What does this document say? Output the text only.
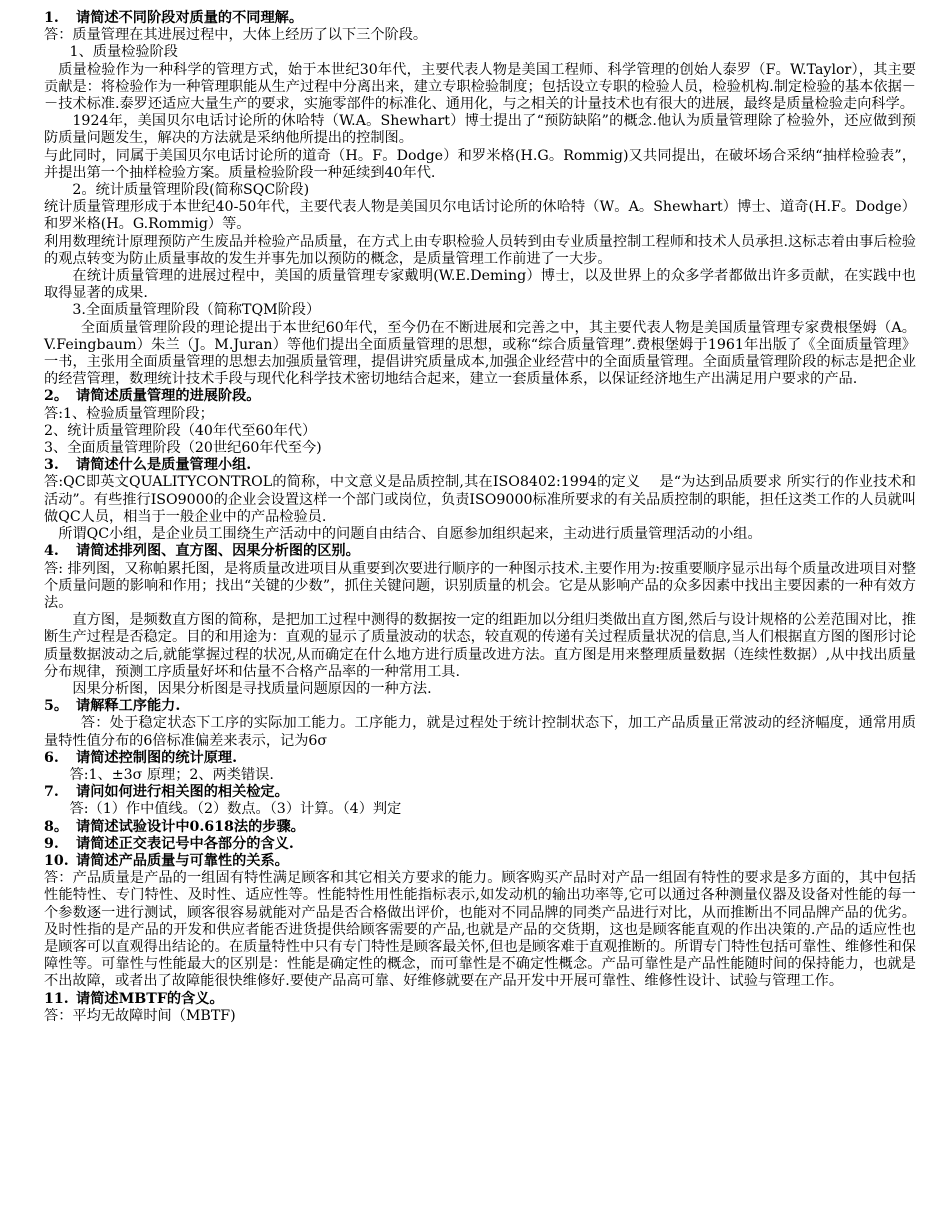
1. 请简述不同阶段对质量的不同理解。

答：质量管理在其进展过程中，大体上经历了以下三个阶段。

1、质量检验阶段

质量检验作为一种科学的管理方式，始于本世纪30年代，主要代表人物是美国工程师、科学管理的创始人泰罗（F。W.Taylor），其主要贡献是：将检验作为一种管理职能从生产过程中分离出来，建立专职检验制度；包括设立专职的检验人员，检验机构.制定检验的基本依据－－技术标准.泰罗还适应大量生产的要求，实施零部件的标准化、通用化，与之相关的计量技术也有很大的进展，最终是质量检验走向科学。

1924年，美国贝尔电话讨论所的休哈特（W.A。Shewhart）博士提出了“预防缺陷”的概念.他认为质量管理除了检验外，还应做到预防质量问题发生，解决的方法就是采纳他所提出的控制图。

与此同时，同属于美国贝尔电话讨论所的道奇（H。F。Dodge）和罗米格(H.G。Rommig)又共同提出，在破坏场合采纳“抽样检验表”，并提出第一个抽样检验方案。质量检验阶段一种延续到40年代.

2。统计质量管理阶段(简称SQC阶段)

统计质量管理形成于本世纪40-50年代，主要代表人物是美国贝尔电话讨论所的休哈特（W。A。Shewhart）博士、道奇(H.F。Dodge）和罗米格(H。G.Rommig）等。

利用数理统计原理预防产生废品并检验产品质量，在方式上由专职检验人员转到由专业质量控制工程师和技术人员承担.这标志着由事后检验的观点转变为防止质量事故的发生并事先加以预防的概念，是质量管理工作前进了一大步。

在统计质量管理的进展过程中，美国的质量管理专家戴明(W.E.Deming）博士，以及世界上的众多学者都做出许多贡献，在实践中也取得显著的成果.

3.全面质量管理阶段（简称TQM阶段）

全面质量管理阶段的理论提出于本世纪60年代，至今仍在不断进展和完善之中，其主要代表人物是美国质量管理专家费根堡姆（A。V.Feingbaum）朱兰（J。M.Juran）等他们提出全面质量管理的思想，或称“综合质量管理”.费根堡姆于1961年出版了《全面质量管理》一书，主张用全面质量管理的思想去加强质量管理，提倡讲究质量成本,加强企业经营中的全面质量管理。全面质量管理阶段的标志是把企业的经营管理，数理统计技术手段与现代化科学技术密切地结合起来，建立一套质量体系，以保证经济地生产出满足用户要求的产品.

2。 请简述质量管理的进展阶段。

答:1、检验质量管理阶段；

2、统计质量管理阶段（40年代至60年代）

3、全面质量管理阶段（20世纪60年代至今)

3. 请简述什么是质量管理小组.

答:QC即英文QUALITYCONTROL的简称，中文意义是品质控制,其在ISO8402:1994的定义　 是“为达到品质要求 所实行的作业技术和活动”。有些推行ISO9000的企业会设置这样一个部门或岗位，负责ISO9000标准所要求的有关品质控制的职能，担任这类工作的人员就叫做QC人员，相当于一般企业中的产品检验员.

所谓QC小组，是企业员工围绕生产活动中的问题自由结合、自愿参加组织起来，主动进行质量管理活动的小组。

4. 请简述排列图、直方图、因果分析图的区别。

答: 排列图，又称帕累托图，是将质量改进项目从重要到次要进行顺序的一种图示技术.主要作用为:按重要顺序显示出每个质量改进项目对整个质量问题的影响和作用；找出“关键的少数”，抓住关键问题，识别质量的机会。它是从影响产品的众多因素中找出主要因素的一种有效方法。

直方图，是频数直方图的简称，是把加工过程中测得的数据按一定的组距加以分组归类做出直方图,然后与设计规格的公差范围对比，推断生产过程是否稳定。目的和用途为：直观的显示了质量波动的状态，较直观的传递有关过程质量状况的信息,当人们根据直方图的图形讨论质量数据波动之后,就能掌握过程的状况,从而确定在什么地方进行质量改进方法。直方图是用来整理质量数据（连续性数据）,从中找出质量分布规律，预测工序质量好坏和估量不合格产品率的一种常用工具.

因果分析图，因果分析图是寻找质量问题原因的一种方法.

5。 请解释工序能力.

答：处于稳定状态下工序的实际加工能力。工序能力，就是过程处于统计控制状态下，加工产品质量正常波动的经济幅度，通常用质量特性值分布的6倍标准偏差来表示，记为6σ

6. 请简述控制图的统计原理.

答:1、±3σ 原理；2、两类错误.

7. 请问如何进行相关图的相关检定。

答:（1）作中值线。（2）数点。（3）计算。（4）判定

8。 请简述试验设计中0.618法的步骤。

9. 请简述正交表记号中各部分的含义.

10. 请简述产品质量与可靠性的关系。

答：产品质量是产品的一组固有特性满足顾客和其它相关方要求的能力。顾客购买产品时对产品一组固有特性的要求是多方面的，其中包括性能特性、专门特性、及时性、适应性等。性能特性用性能指标表示,如发动机的输出功率等,它可以通过各种测量仪器及设备对性能的每一个参数逐一进行测试，顾客很容易就能对产品是否合格做出评价，也能对不同品牌的同类产品进行对比，从而推断出不同品牌产品的优劣。及时性指的是产品的开发和供应者能否进货提供给顾客需要的产品,也就是产品的交货期，这也是顾客能直观的作出决策的.产品的适应性也是顾客可以直观得出结论的。在质量特性中只有专门特性是顾客最关怀,但也是顾客难于直观推断的。所谓专门特性包括可靠性、维修性和保障性等。可靠性与性能最大的区别是：性能是确定性的概念，而可靠性是不确定性概念。产品可靠性是产品性能随时间的保持能力，也就是不出故障，或者出了故障能很快维修好.要使产品高可靠、好维修就要在产品开发中开展可靠性、维修性设计、试验与管理工作。

11. 请简述MBTF的含义。

答：平均无故障时间（MBTF)
